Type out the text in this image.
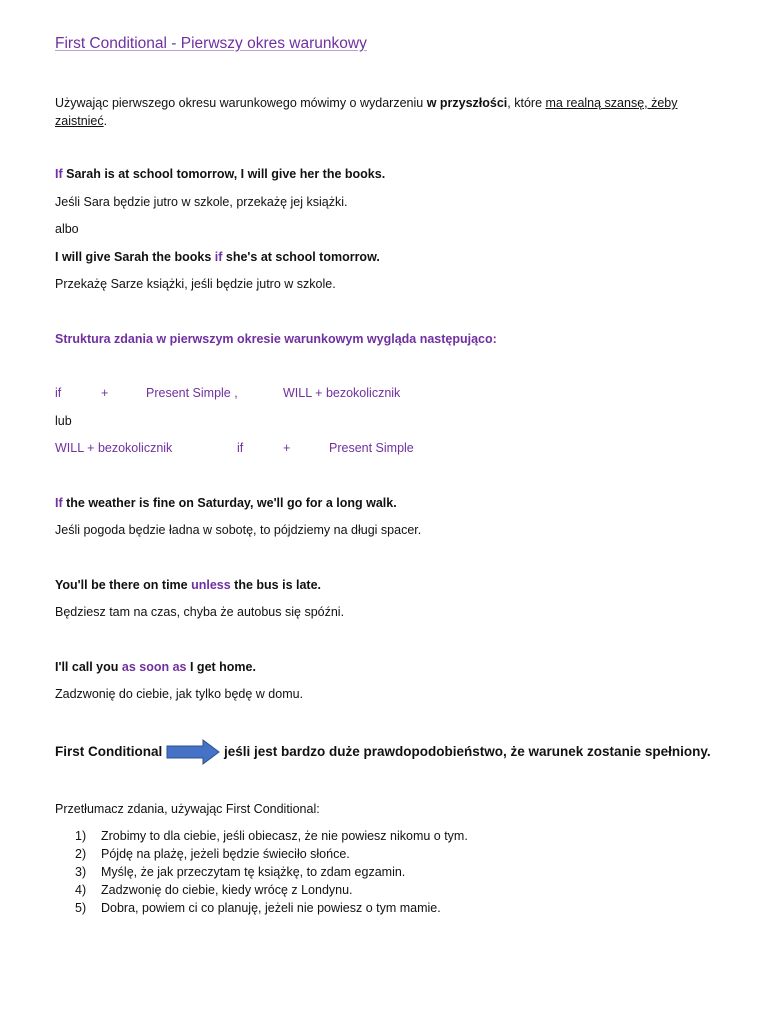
First Conditional - Pierwszy okres warunkowy
Używając pierwszego okresu warunkowego mówimy o wydarzeniu w przyszłości, które ma realną szansę, żeby
zaistnieć.
If Sarah is at school tomorrow, I will give her the books.
Jeśli Sara będzie jutro w szkole, przekażę jej książki.
albo
I will give Sarah the books if she's at school tomorrow.
Przekażę Sarze książki, jeśli będzie jutro w szkole.
Struktura zdania w pierwszym okresie warunkowym wygląda następująco:
if	+	Present Simple ,	WILL + bezokolicznik
lub
WILL + bezokolicznik	if	+	Present Simple
If the weather is fine on Saturday, we'll go for a long walk.
Jeśli pogoda będzie ładna w sobotę, to pójdziemy na długi spacer.
You'll be there on time unless the bus is late.
Będziesz tam na czas, chyba że autobus się spóźni.
I'll call you as soon as I get home.
Zadzwonię do ciebie, jak tylko będę w domu.
First Conditional	jeśli jest bardzo duże prawdopodobieństwo, że warunek zostanie spełniony.
Przetłumacz zdania, używając First Conditional:
1) Zrobimy to dla ciebie, jeśli obiecasz, że nie powiesz nikomu o tym.
2) Pójdę na plażę, jeżeli będzie świeciło słońce.
3) Myślę, że jak przeczytam tę książkę, to zdam egzamin.
4) Zadzwonię do ciebie, kiedy wrócę z Londynu.
5) Dobra, powiem ci co planuję, jeżeli nie powiesz o tym mamie.
